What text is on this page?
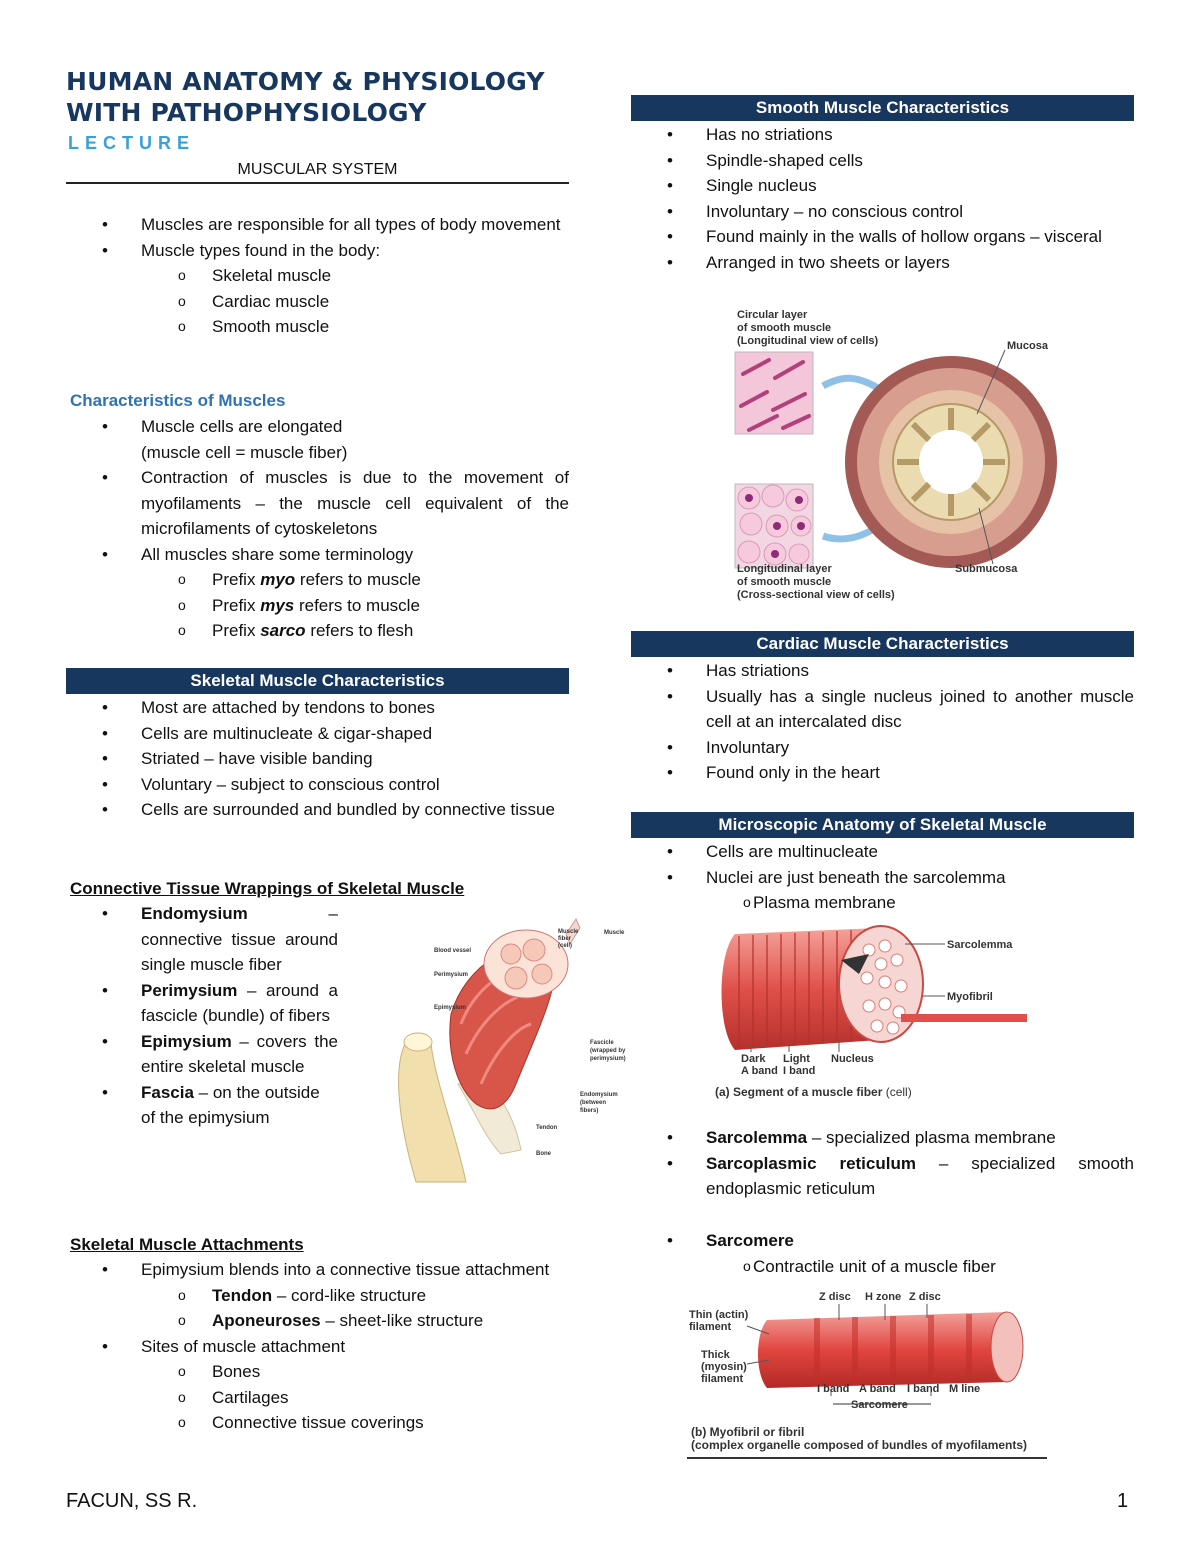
HUMAN ANATOMY & PHYSIOLOGY
WITH PATHOPHYSIOLOGY
LECTURE
MUSCULAR SYSTEM
• Muscles are responsible for all types of body movement
• Muscle types found in the body:
o Skeletal muscle
o Cardiac muscle
o Smooth muscle
Characteristics of Muscles
• Muscle cells are elongated
(muscle cell = muscle fiber)
• Contraction of muscles is due to the movement of myofilaments – the muscle cell equivalent of the microfilaments of cytoskeletons
• All muscles share some terminology
o Prefix myo refers to muscle
o Prefix mys refers to muscle
o Prefix sarco refers to flesh
Skeletal Muscle Characteristics
• Most are attached by tendons to bones
• Cells are multinucleate & cigar-shaped
• Striated – have visible banding
• Voluntary – subject to conscious control
• Cells are surrounded and bundled by connective tissue
Connective Tissue Wrappings of Skeletal Muscle
• Endomysium	– connective tissue around single muscle fiber
• Perimysium – around a fascicle (bundle) of fibers
• Epimysium – covers the entire skeletal muscle
• Fascia – on the outside of the epimysium
Blood vessel
Perimysium
Epimysium
Muscle
Fascicle
(wrapped by
perimysium)
Endomysium
(between
fibers)
Tendon
Bone
Muscle
fiber
(cell)
Skeletal Muscle Attachments
• Epimysium blends into a connective tissue attachment
o Tendon – cord-like structure
o Aponeuroses – sheet-like structure
• Sites of muscle attachment
o Bones
o Cartilages
o Connective tissue coverings
Smooth Muscle Characteristics
• Has no striations
• Spindle-shaped cells
• Single nucleus
• Involuntary – no conscious control
• Found mainly in the walls of hollow organs – visceral
• Arranged in two sheets or layers
Circular layer
of smooth muscle
(Longitudinal view of cells)	Mucosa
Longitudinal layer
of smooth muscle
(Cross-sectional view of cells)
Submucosa
Cardiac Muscle Characteristics
• Has striations
• Usually has a single nucleus joined to another muscle cell at an intercalated disc
• Involuntary
• Found only in the heart
Microscopic Anatomy of Skeletal Muscle
• Cells are multinucleate
• Nuclei are just beneath the sarcolemma
o Plasma membrane
Sarcolemma
Myofibril
Dark
A band
Light
I band
Nucleus
(a) Segment of a muscle fiber (cell)
• Sarcolemma – specialized plasma membrane
• Sarcoplasmic reticulum – specialized smooth endoplasmic reticulum
• Sarcomere
o Contractile unit of a muscle fiber
Z disc H zone Z disc
Thin (actin)
filament
Thick
(myosin)
filament
I band A band I band M line
Sarcomere
(b) Myofibril or fibril
(complex organelle composed of bundles of myofilaments)
FACUN, SS R.	1
